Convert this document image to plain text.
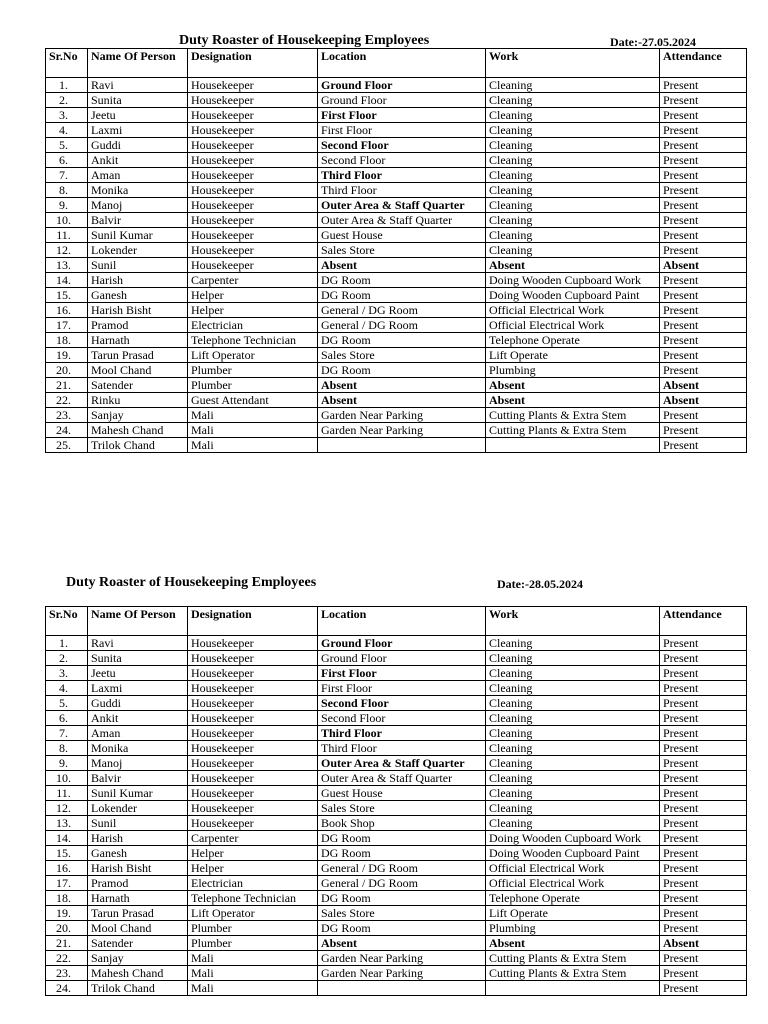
Duty Roaster of Housekeeping Employees	Date:-27.05.2024
Sr.No	Name Of Person	Designation	Location	Work	Attendance
1.	Ravi	Housekeeper	Ground Floor	Cleaning	Present
2.	Sunita	Housekeeper	Ground Floor	Cleaning	Present
3.	Jeetu	Housekeeper	First Floor	Cleaning	Present
4.	Laxmi	Housekeeper	First Floor	Cleaning	Present
5.	Guddi	Housekeeper	Second Floor	Cleaning	Present
6.	Ankit	Housekeeper	Second Floor	Cleaning	Present
7.	Aman	Housekeeper	Third Floor	Cleaning	Present
8.	Monika	Housekeeper	Third Floor	Cleaning	Present
9.	Manoj	Housekeeper	Outer Area & Staff Quarter	Cleaning	Present
10.	Balvir	Housekeeper	Outer Area & Staff Quarter	Cleaning	Present
11.	Sunil Kumar	Housekeeper	Guest House	Cleaning	Present
12.	Lokender	Housekeeper	Sales Store	Cleaning	Present
13.	Sunil	Housekeeper	Absent	Absent	Absent
14.	Harish	Carpenter	DG Room	Doing Wooden Cupboard Work	Present
15.	Ganesh	Helper	DG Room	Doing Wooden Cupboard Paint	Present
16.	Harish Bisht	Helper	General / DG Room	Official Electrical Work	Present
17.	Pramod	Electrician	General / DG Room	Official Electrical Work	Present
18.	Harnath	Telephone Technician	DG Room	Telephone Operate	Present
19.	Tarun Prasad	Lift Operator	Sales Store	Lift Operate	Present
20.	Mool Chand	Plumber	DG Room	Plumbing	Present
21.	Satender	Plumber	Absent	Absent	Absent
22.	Rinku	Guest Attendant	Absent	Absent	Absent
23.	Sanjay	Mali	Garden Near Parking	Cutting Plants & Extra Stem	Present
24.	Mahesh Chand	Mali	Garden Near Parking	Cutting Plants & Extra Stem	Present
25.	Trilok Chand	Mali			Present
Duty Roaster of Housekeeping Employees	Date:-28.05.2024
Sr.No	Name Of Person	Designation	Location	Work	Attendance
1.	Ravi	Housekeeper	Ground Floor	Cleaning	Present
2.	Sunita	Housekeeper	Ground Floor	Cleaning	Present
3.	Jeetu	Housekeeper	First Floor	Cleaning	Present
4.	Laxmi	Housekeeper	First Floor	Cleaning	Present
5.	Guddi	Housekeeper	Second Floor	Cleaning	Present
6.	Ankit	Housekeeper	Second Floor	Cleaning	Present
7.	Aman	Housekeeper	Third Floor	Cleaning	Present
8.	Monika	Housekeeper	Third Floor	Cleaning	Present
9.	Manoj	Housekeeper	Outer Area & Staff Quarter	Cleaning	Present
10.	Balvir	Housekeeper	Outer Area & Staff Quarter	Cleaning	Present
11.	Sunil Kumar	Housekeeper	Guest House	Cleaning	Present
12.	Lokender	Housekeeper	Sales Store	Cleaning	Present
13.	Sunil	Housekeeper	Book Shop	Cleaning	Present
14.	Harish	Carpenter	DG Room	Doing Wooden Cupboard Work	Present
15.	Ganesh	Helper	DG Room	Doing Wooden Cupboard Paint	Present
16.	Harish Bisht	Helper	General / DG Room	Official Electrical Work	Present
17.	Pramod	Electrician	General / DG Room	Official Electrical Work	Present
18.	Harnath	Telephone Technician	DG Room	Telephone Operate	Present
19.	Tarun Prasad	Lift Operator	Sales Store	Lift Operate	Present
20.	Mool Chand	Plumber	DG Room	Plumbing	Present
21.	Satender	Plumber	Absent	Absent	Absent
22.	Sanjay	Mali	Garden Near Parking	Cutting Plants & Extra Stem	Present
23.	Mahesh Chand	Mali	Garden Near Parking	Cutting Plants & Extra Stem	Present
24.	Trilok Chand	Mali			Present
